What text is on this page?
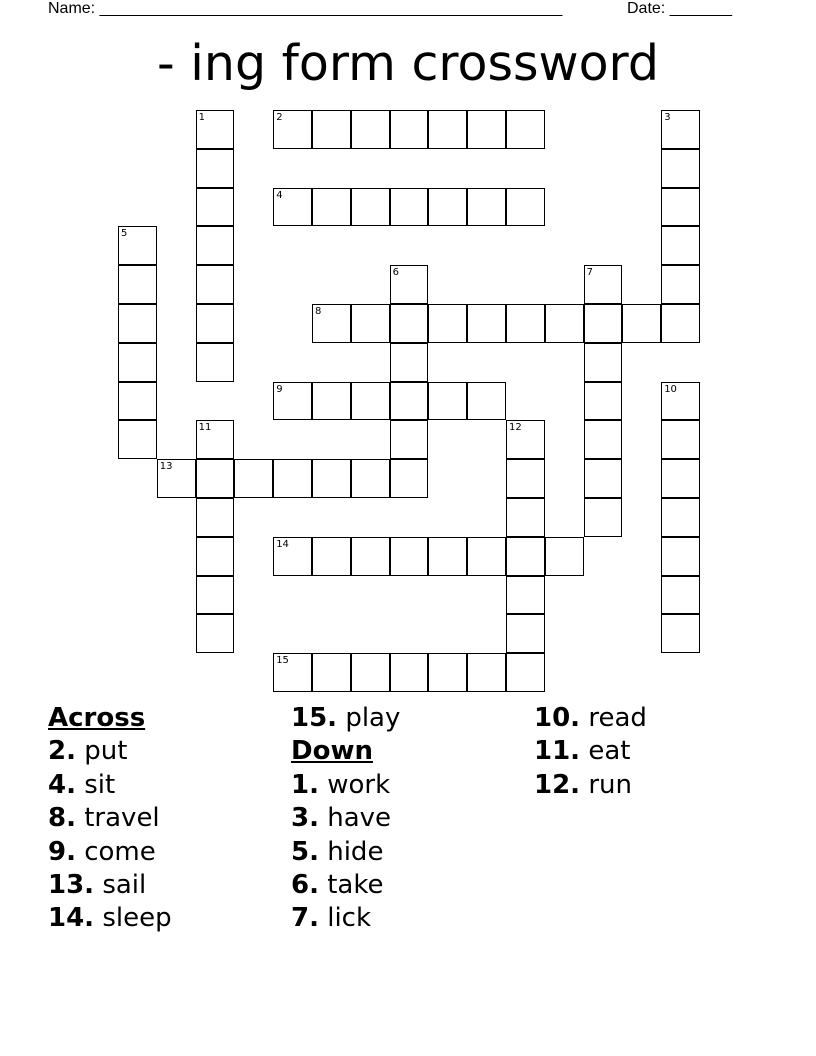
Name: ____________________________________________________	Date: _______
- ing form crossword
1	2	3
4
5
6	7
8
9	10
11	12
13
14
15
Across
2. put
4. sit
8. travel
9. come
13. sail
14. sleep
15. play
Down
1. work
3. have
5. hide
6. take
7. lick
10. read
11. eat
12. run
